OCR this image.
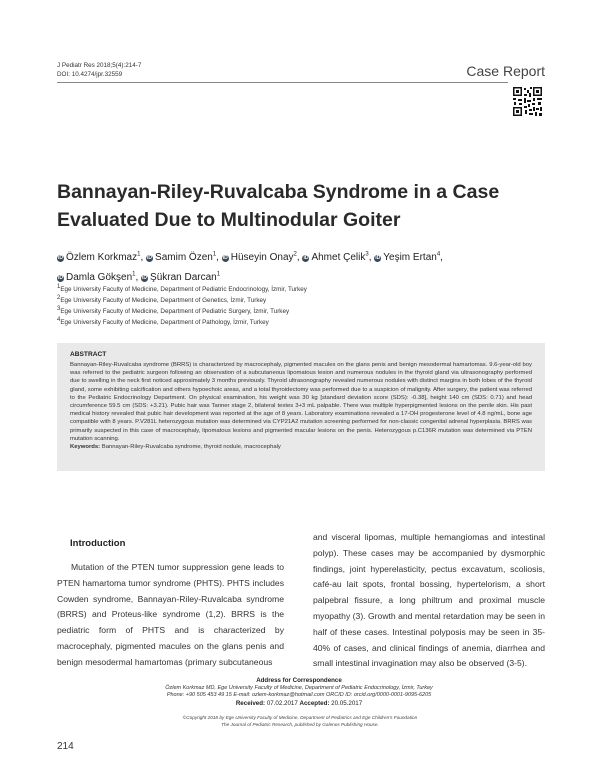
J Pediatr Res 2018;5(4):214-7
DOI: 10.4274/jpr.32559	Case Report
Bannayan-Riley-Ruvalcaba Syndrome in a Case
Evaluated Due to Multinodular Goiter
iD Özlem Korkmaz$^1$, iD Samim Özen$^1$, iD Hüseyin Onay$^2$, iD Ahmet Çelik$^3$, iD Yeşim Ertan$^4$,
iD Damla Gökşen$^1$, iD Şükran Darcan$^1$
$^1$Ege University Faculty of Medicine, Department of Pediatric Endocrinology, İzmir, Turkey
$^2$Ege University Faculty of Medicine, Department of Genetics, İzmir, Turkey
$^3$Ege University Faculty of Medicine, Department of Pediatric Surgery, İzmir, Turkey
$^4$Ege University Faculty of Medicine, Department of Pathology, İzmir, Turkey
ABSTRACT
Bannayan-Riley-Ruvalcaba syndrome (BRRS) is characterized by macrocephaly, pigmented macules on the glans penis and benign mesodermal hamartomas. 9.6-year-old boy was referred to the pediatric surgeon following an observation of a subcutaneous lipomatous lesion and numerous nodules in the thyroid gland via ultrasonography performed due to swelling in the neck first noticed approximately 3 months previously. Thyroid ultrasonography revealed numerous nodules with distinct margins in both lobes of the thyroid gland, some exhibiting calcification and others hypoechoic areas, and a total thyroidectomy was performed due to a suspicion of malignity. After surgery, the patient was referred to the Pediatric Endocrinology Department. On physical examination, his weight was 30 kg [standard deviation score (SDS): -0.38], height 140 cm (SDS: 0.71) and head circumference 59.5 cm (SDS: +3.21). Pubic hair was Tanner stage 2, bilateral testes 3+3 mL palpable. There was multiple hyperpigmented lesions on the penile skin. His past medical history revealed that pubic hair development was reported at the age of 8 years. Laboratory examinations revealed a 17-OH progesterone level of 4.8 ng/mL, bone age compatible with 8 years. P.V281L heterozygous mutation was determined via CYP21A2 mutation screening performed for non-classic congenital adrenal hyperplasia. BRRS was primarily suspected in this case of macrocephaly, lipomatous lesions and pigmented macular lesions on the penis. Heterozygous p.C136R mutation was determined via PTEN mutation scanning.
Keywords: Bannayan-Riley-Ruvalcaba syndrome, thyroid nodule, macrocephaly
Introduction
Mutation of the PTEN tumor suppression gene leads to PTEN hamartoma tumor syndrome (PHTS). PHTS includes Cowden syndrome, Bannayan-Riley-Ruvalcaba syndrome (BRRS) and Proteus-like syndrome (1,2). BRRS is the pediatric form of PHTS and is characterized by macrocephaly, pigmented macules on the glans penis and benign mesodermal hamartomas (primary subcutaneous
and visceral lipomas, multiple hemangiomas and intestinal polyp). These cases may be accompanied by dysmorphic findings, joint hyperelasticity, pectus excavatum, scoliosis, café-au lait spots, frontal bossing, hypertelorism, a short palpebral fissure, a long philtrum and proximal muscle myopathy (3). Growth and mental retardation may be seen in half of these cases. Intestinal polyposis may be seen in 35-40% of cases, and clinical findings of anemia, diarrhea and small intestinal invagination may also be observed (3-5).
Address for Correspondence
Özlem Korkmaz MD, Ege University Faculty of Medicine, Department of Pediatric Endocrinology, İzmir, Turkey
Phone: +90 505 453 49 15 E-mail: ozlem-korkmaz@hotmail.com ORCID ID: orcid.org/0000-0001-9095-6205
Received: 07.02.2017 Accepted: 20.05.2017
©Copyright 2018 by Ege University Faculty of Medicine, Department of Pediatrics and Ege Children's Foundation
The Journal of Pediatric Research, published by Galenos Publishing House.
214
